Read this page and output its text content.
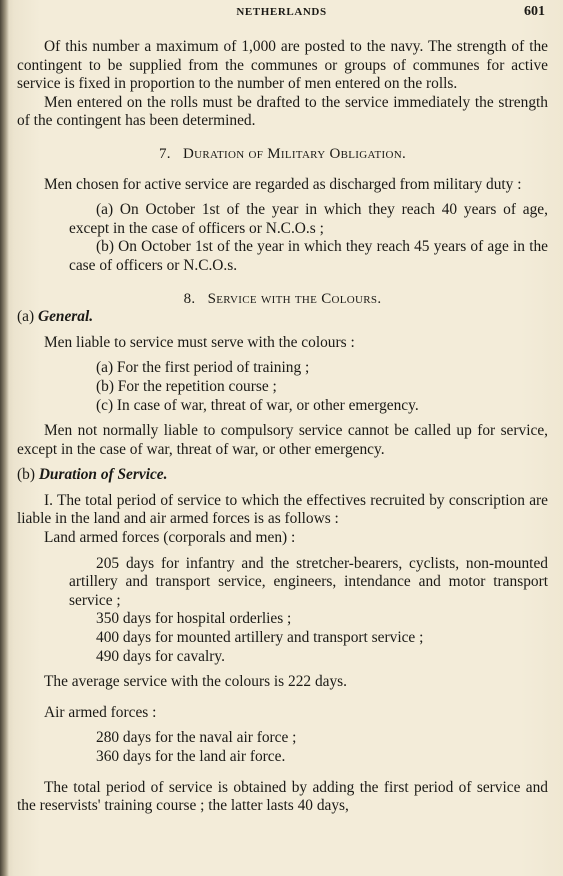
NETHERLANDS	601

Of this number a maximum of 1,000 are posted to the navy. The strength of the contingent to be supplied from the communes or groups of communes for active service is fixed in proportion to the number of men entered on the rolls.

Men entered on the rolls must be drafted to the service immediately the strength of the contingent has been determined.

7. Duration of Military Obligation.

Men chosen for active service are regarded as discharged from military duty :

(a) On October 1st of the year in which they reach 40 years of age, except in the case of officers or N.C.O.s ;

(b) On October 1st of the year in which they reach 45 years of age in the case of officers or N.C.O.s.

8. Service with the Colours.

(a) General.

Men liable to service must serve with the colours :

(a) For the first period of training ;

(b) For the repetition course ;

(c) In case of war, threat of war, or other emergency.

Men not normally liable to compulsory service cannot be called up for service, except in the case of war, threat of war, or other emergency.

(b) Duration of Service.

I. The total period of service to which the effectives recruited by conscription are liable in the land and air armed forces is as follows :

Land armed forces (corporals and men) :

205 days for infantry and the stretcher-bearers, cyclists, non-mounted artillery and transport service, engineers, intendance and motor transport service ;

350 days for hospital orderlies ;

400 days for mounted artillery and transport service ;

490 days for cavalry.

The average service with the colours is 222 days.

Air armed forces :

280 days for the naval air force ;

360 days for the land air force.

The total period of service is obtained by adding the first period of service and the reservists' training course ; the latter lasts 40 days,
